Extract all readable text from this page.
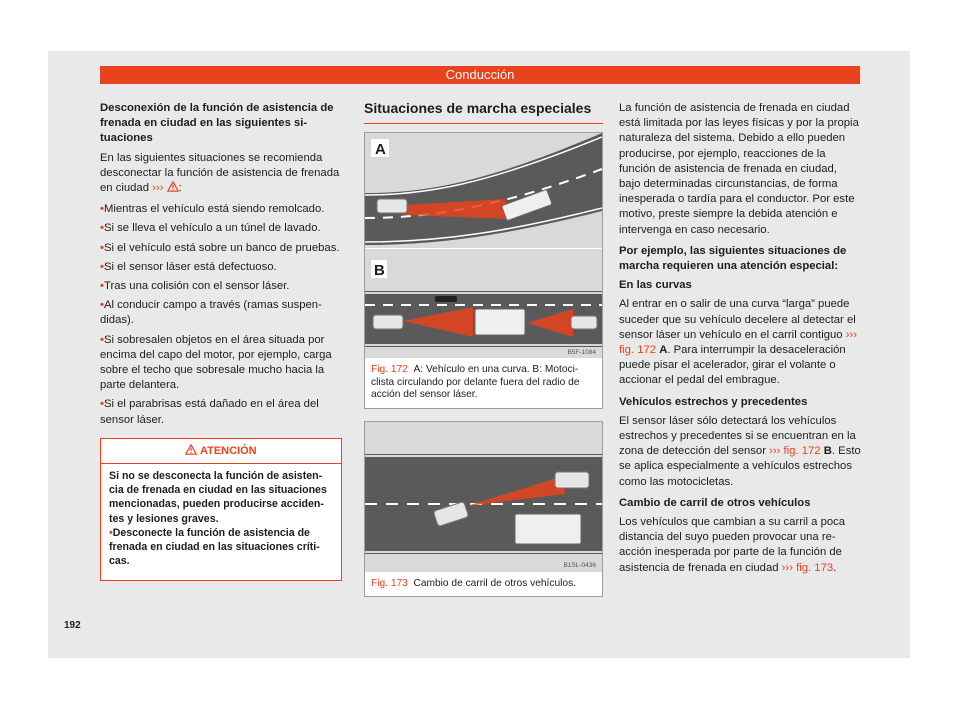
Conducción
Desconexión de la función de asistencia de frenada en ciudad en las siguientes situaciones

En las siguientes situaciones se recomienda desconectar la función de asistencia de frenada en ciudad ››› :

• Mientras el vehículo está siendo remolcado.
• Si se lleva el vehículo a un túnel de lavado.
• Si el vehículo está sobre un banco de pruebas.
• Si el sensor láser está defectuoso.
• Tras una colisión con el sensor láser.
• Al conducir campo a través (ramas suspendidas).
• Si sobresalen objetos en el área situada por encima del capo del motor, por ejemplo, carga sobre el techo que sobresale mucho hacia la parte delantera.
• Si el parabrisas está dañado en el área del sensor láser.
ATENCIÓN
Si no se desconecta la función de asistencia de frenada en ciudad en las situaciones mencionadas, pueden producirse accidentes y lesiones graves.
• Desconecte la función de asistencia de frenada en ciudad en las situaciones críticas.
Situaciones de marcha especiales
A
B
B5F-1084
Fig. 172 A: Vehículo en una curva. B: Motociclista circulando por delante fuera del radio de acción del sensor láser.
B1SL-0436
Fig. 173 Cambio de carril de otros vehículos.

La función de asistencia de frenada en ciudad está limitada por las leyes físicas y por la propia naturaleza del sistema. Debido a ello pueden producirse, por ejemplo, reacciones de la función de asistencia de frenada en ciudad, bajo determinadas circunstancias, de forma inesperada o tardía para el conductor. Por este motivo, preste siempre la debida atención e intervenga en caso necesario.

Por ejemplo, las siguientes situaciones de marcha requieren una atención especial:

En las curvas

Al entrar en o salir de una curva “larga” puede suceder que su vehículo decelere al detectar el sensor láser un vehículo en el carril contiguo ››› fig. 172 A. Para interrumpir la desaceleración puede pisar el acelerador, girar el volante o accionar el pedal del embrague.

Vehículos estrechos y precedentes

El sensor láser sólo detectará los vehículos estrechos y precedentes si se encuentran en la zona de detección del sensor ››› fig. 172 B. Esto se aplica especialmente a vehículos estrechos como las motocicletas.

Cambio de carril de otros vehículos

Los vehículos que cambian a su carril a poca distancia del suyo pueden provocar una reacción inesperada por parte de la función de asistencia de frenada en ciudad ››› fig. 173.

192
